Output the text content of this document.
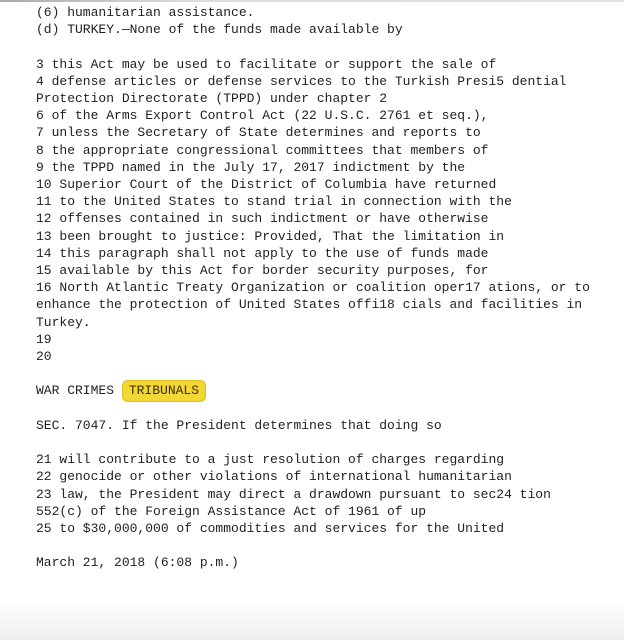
(6) humanitarian assistance.
(d) TURKEY.—None of the funds made available by
3 this Act may be used to facilitate or support the sale of
4 defense articles or defense services to the Turkish Presi5 dential
Protection Directorate (TPPD) under chapter 2
6 of the Arms Export Control Act (22 U.S.C. 2761 et seq.),
7 unless the Secretary of State determines and reports to
8 the appropriate congressional committees that members of
9 the TPPD named in the July 17, 2017 indictment by the
10 Superior Court of the District of Columbia have returned
11 to the United States to stand trial in connection with the
12 offenses contained in such indictment or have otherwise
13 been brought to justice: Provided, That the limitation in
14 this paragraph shall not apply to the use of funds made
15 available by this Act for border security purposes, for
16 North Atlantic Treaty Organization or coalition oper17 ations, or to
enhance the protection of United States offi18 cials and facilities in
Turkey.
19
20
WAR CRIMES TRIBUNALS
SEC. 7047. If the President determines that doing so
21 will contribute to a just resolution of charges regarding
22 genocide or other violations of international humanitarian
23 law, the President may direct a drawdown pursuant to sec24 tion
552(c) of the Foreign Assistance Act of 1961 of up
25 to $30,000,000 of commodities and services for the United
March 21, 2018 (6:08 p.m.)
